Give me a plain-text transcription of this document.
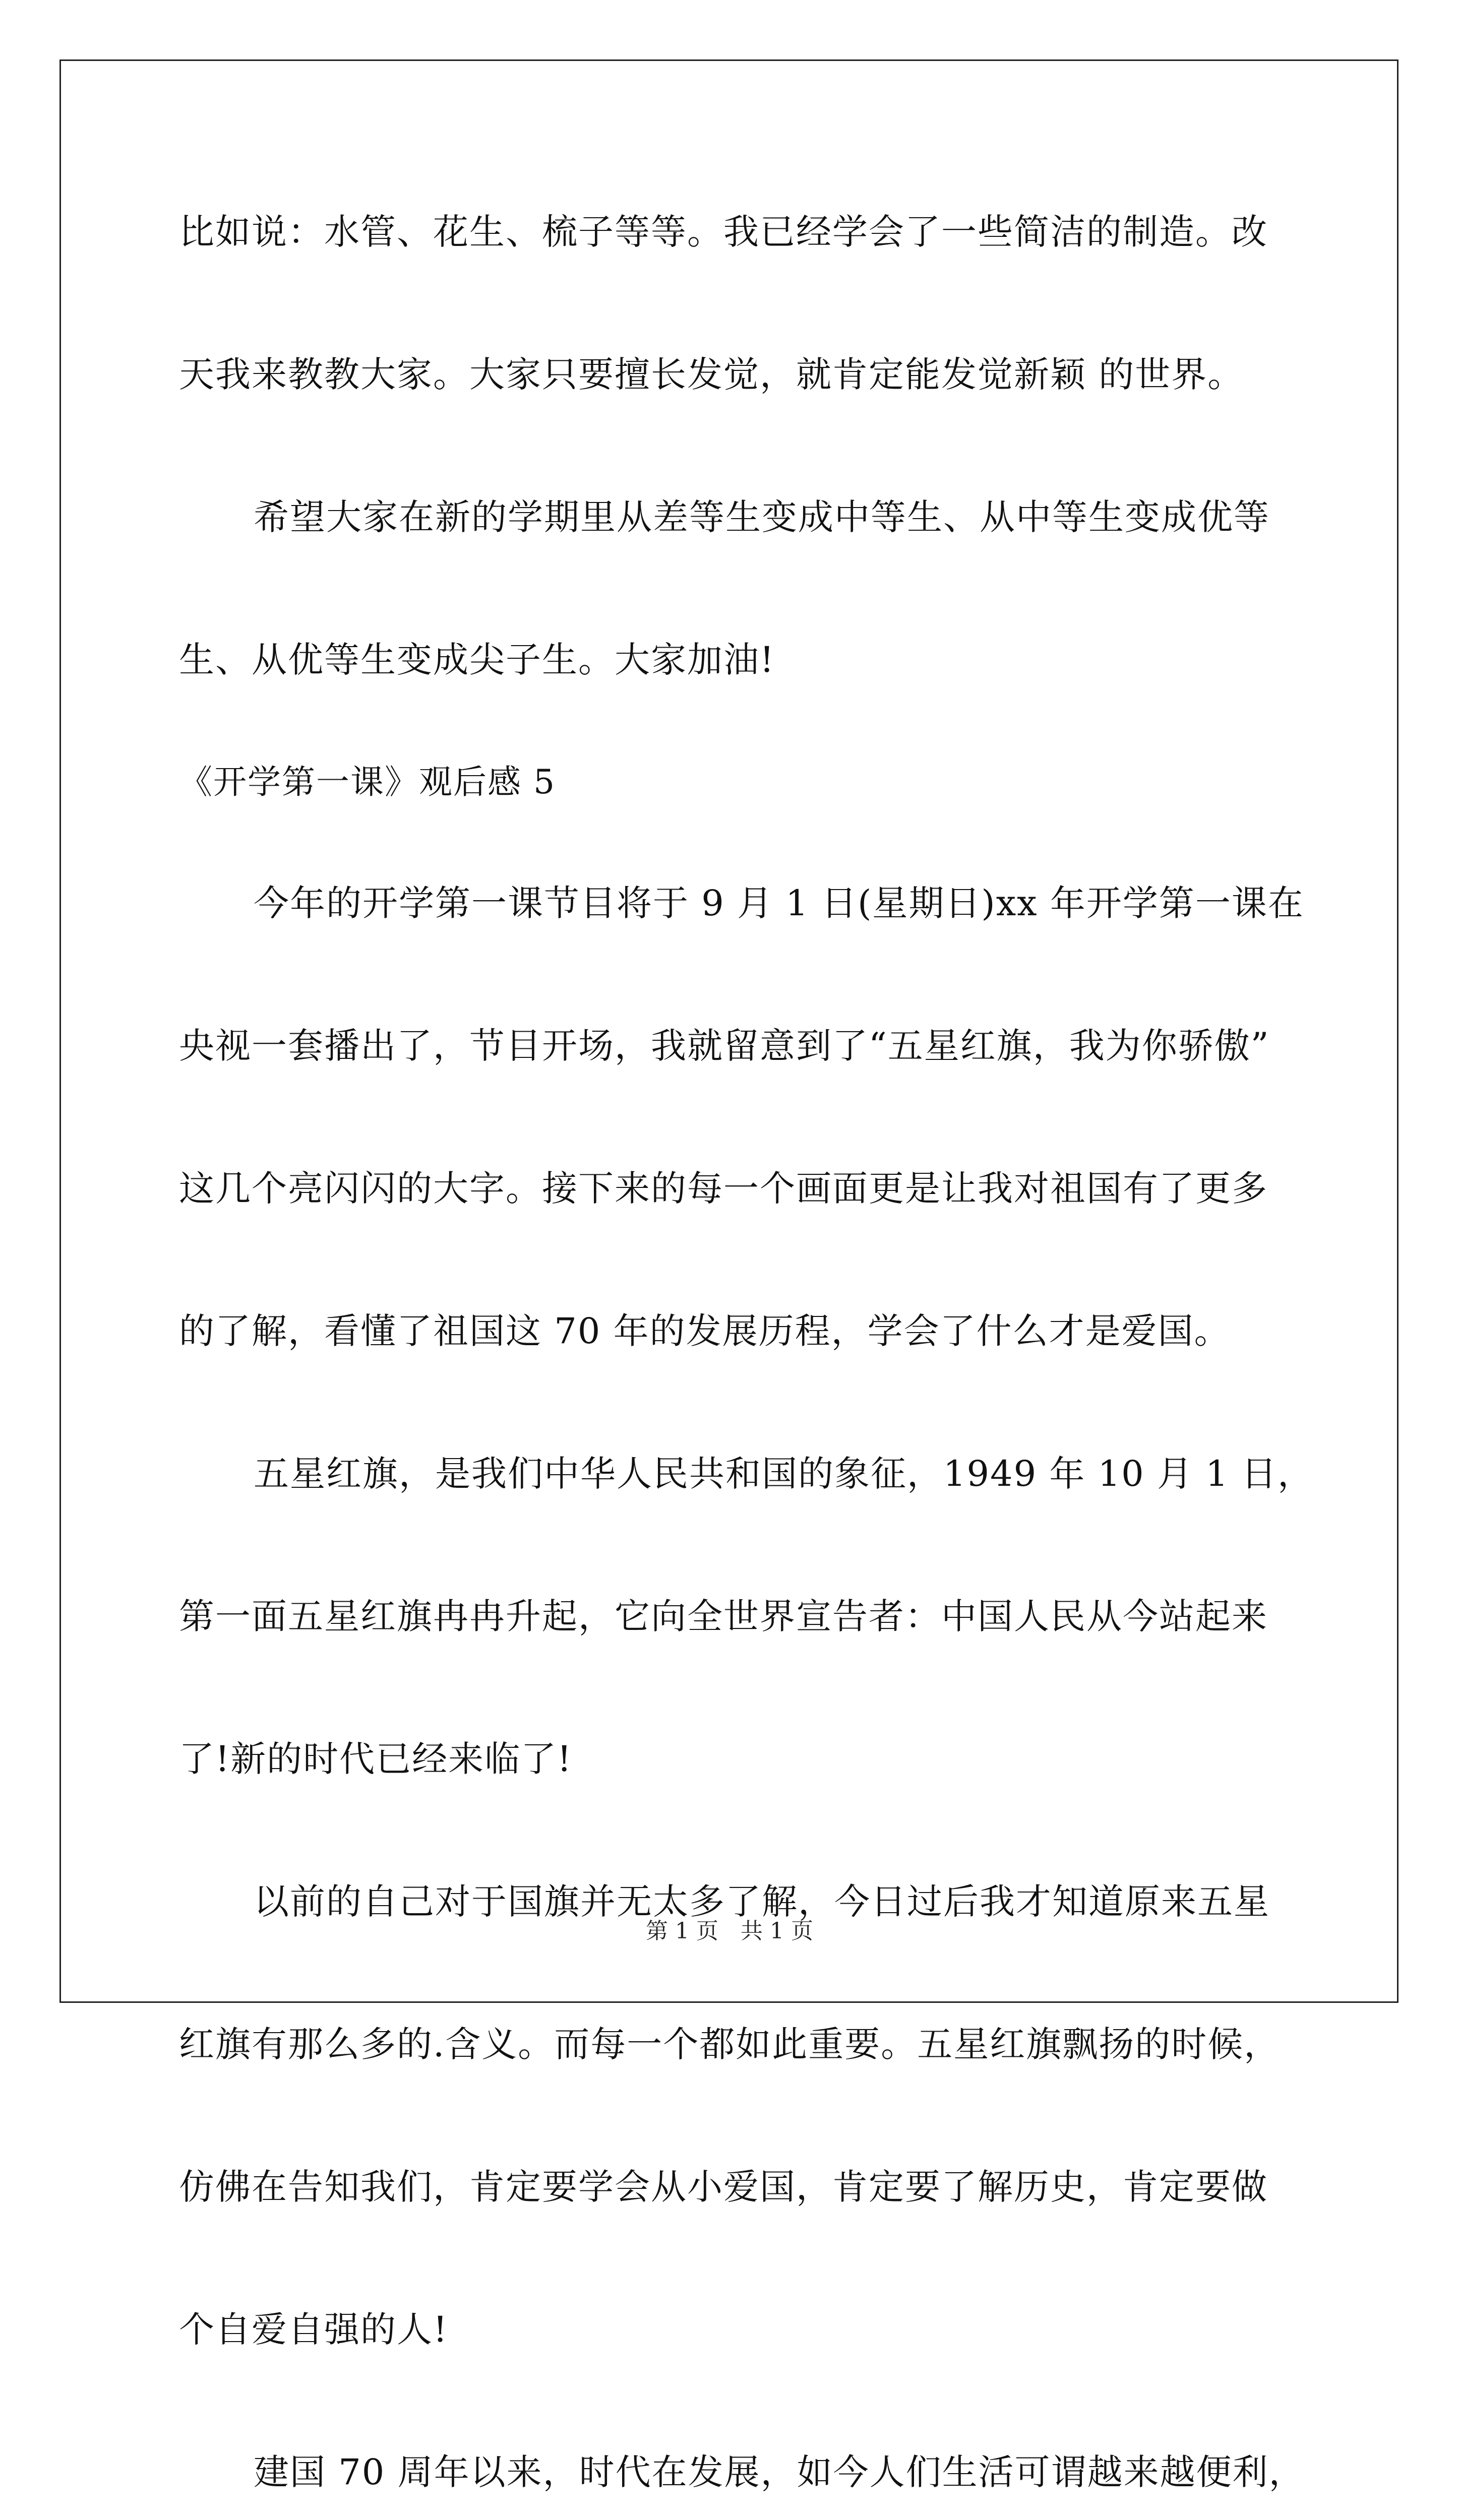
比如说：水管、花生、梳子等等。我已经学会了一些简洁的制造。改
天我来教教大家。大家只要擅长发觉，就肯定能发觉新颖 的世界。
希望大家在新的学期里从差等生变成中等生、从中等生变成优等
生、从优等生变成尖子生。大家加油!
《开学第一课》观后感 5
今年的开学第一课节目将于 9 月 1 日(星期日)xx 年开学第一课在
央视一套播出了，节目开场，我就留意到了“五星红旗，我为你骄傲”
这几个亮闪闪的大字。接下来的每一个画面更是让我对祖国有了更多
的了解，看懂了祖国这 70 年的发展历程，学会了什么才是爱国。
五星红旗，是我们中华人民共和国的象征，1949 年 10 月 1 日，
第一面五星红旗冉冉升起，它向全世界宣告者：中国人民从今站起来
了!新的时代已经来临了!
以前的自己对于国旗并无太多了解，今日过后我才知道原来五星
红旗有那么多的.含义。而每一个都如此重要。五星红旗飘扬的时候，
仿佛在告知我们，肯定要学会从小爱国，肯定要了解历史，肯定要做
个自爱自强的人!
建国 70 周年以来，时代在发展，如今人们生活可谓越来越便利，
第 1 页　共 1 页
